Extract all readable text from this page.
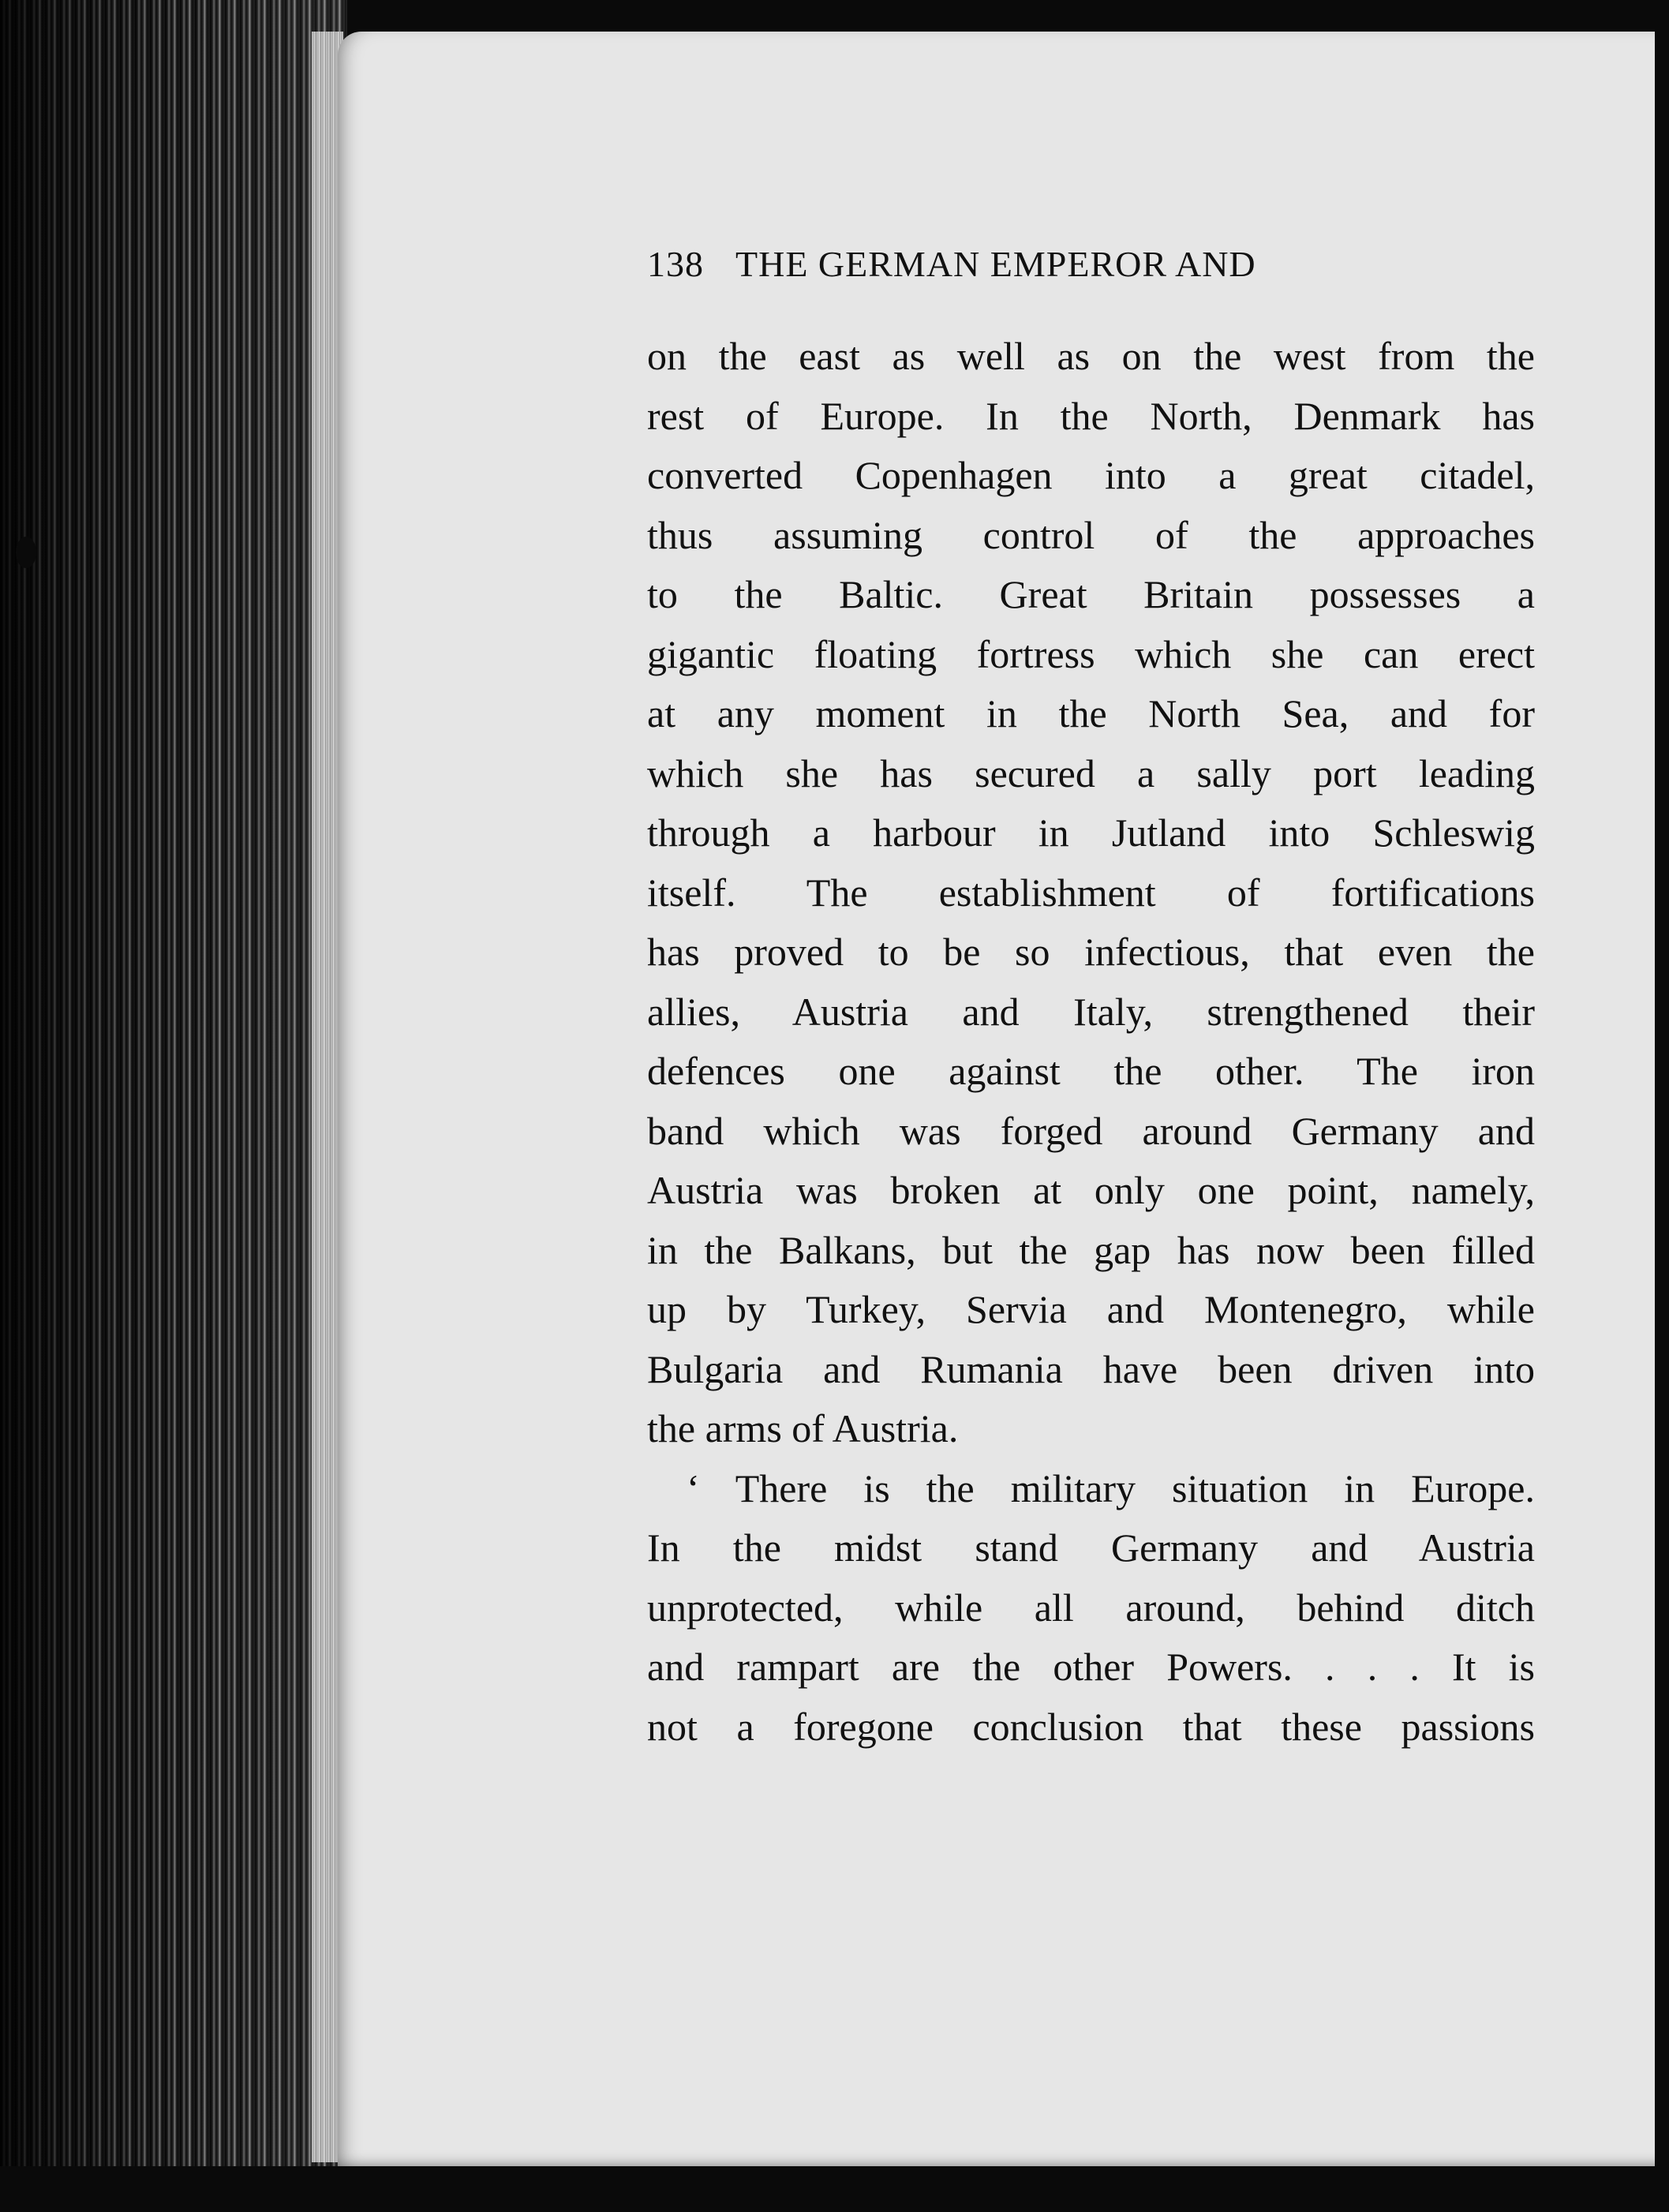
138 THE GERMAN EMPEROR AND
on the east as well as on the west from the
rest of Europe. In the North, Denmark has
converted Copenhagen into a great citadel,
thus assuming control of the approaches
to the Baltic. Great Britain possesses a
gigantic floating fortress which she can erect
at any moment in the North Sea, and for
which she has secured a sally port leading
through a harbour in Jutland into Schleswig
itself. The establishment of fortifications
has proved to be so infectious, that even the
allies, Austria and Italy, strengthened their
defences one against the other. The iron
band which was forged around Germany and
Austria was broken at only one point, namely,
in the Balkans, but the gap has now been filled
up by Turkey, Servia and Montenegro, while
Bulgaria and Rumania have been driven into
the arms of Austria.
‘ There is the military situation in Europe.
In the midst stand Germany and Austria
unprotected, while all around, behind ditch
and rampart are the other Powers. . . . It is
not a foregone conclusion that these passions
